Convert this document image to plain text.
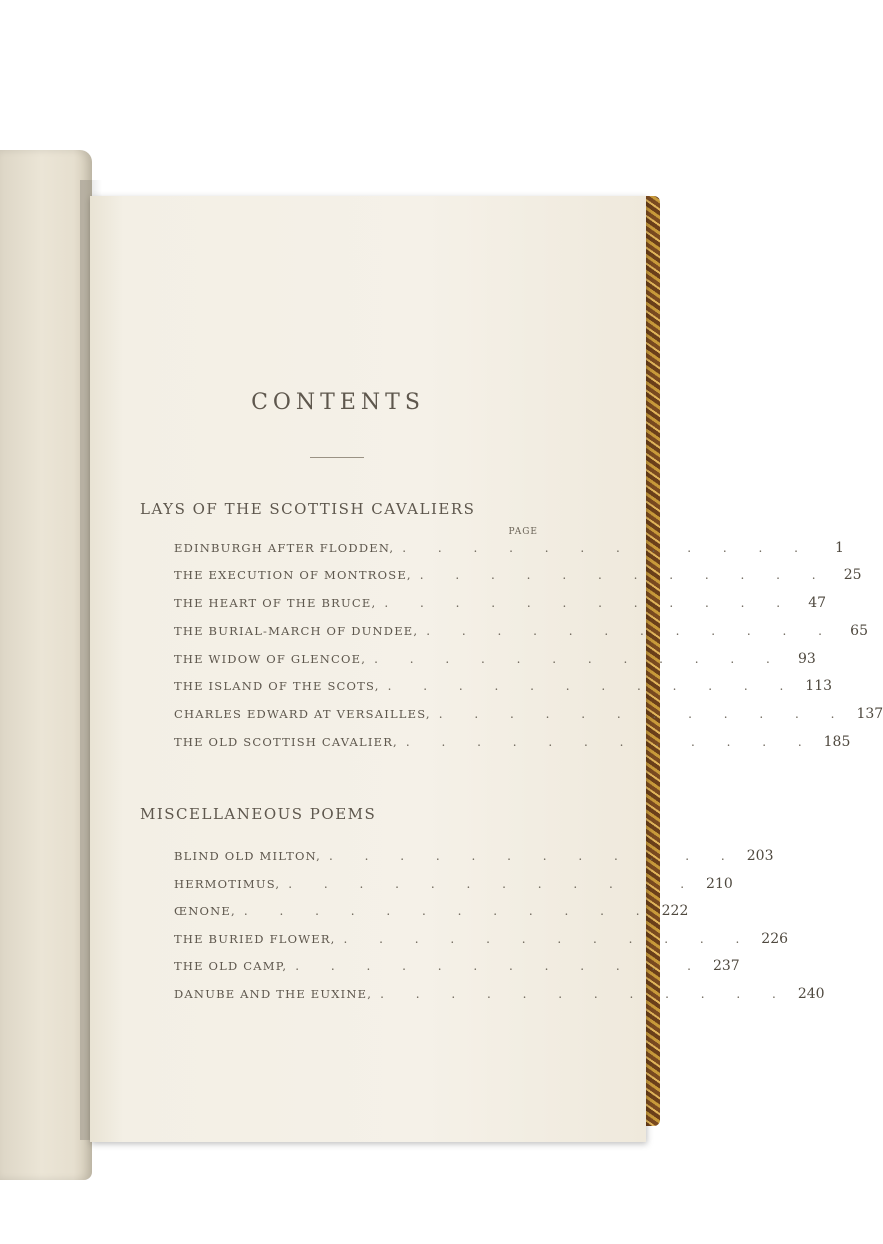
CONTENTS
LAYS OF THE SCOTTISH CAVALIERS
PAGE
EDINBURGH AFTER FLODDEN, . . . . . . . . . . . .	1
THE EXECUTION OF MONTROSE, . . . . . . . . . . . .	25
THE HEART OF THE BRUCE, . . . . . . . . . . . .	47
THE BURIAL-MARCH OF DUNDEE, . . . . . . . . . . . .	65
THE WIDOW OF GLENCOE, . . . . . . . . . . . .	93
THE ISLAND OF THE SCOTS, . . . . . . . . . . . . 113
CHARLES EDWARD AT VERSAILLES, . . . . . . . . . . . . 137
THE OLD SCOTTISH CAVALIER, . . . . . . . . . . . . 185
MISCELLANEOUS POEMS
BLIND OLD MILTON, . . . . . . . . . . . . 203
HERMOTIMUS, . . . . . . . . . . . . 210
ŒNONE, . . . . . . . . . . . . 222
THE BURIED FLOWER, . . . . . . . . . . . . 226
THE OLD CAMP, . . . . . . . . . . . . 237
DANUBE AND THE EUXINE, . . . . . . . . . . . . 240
